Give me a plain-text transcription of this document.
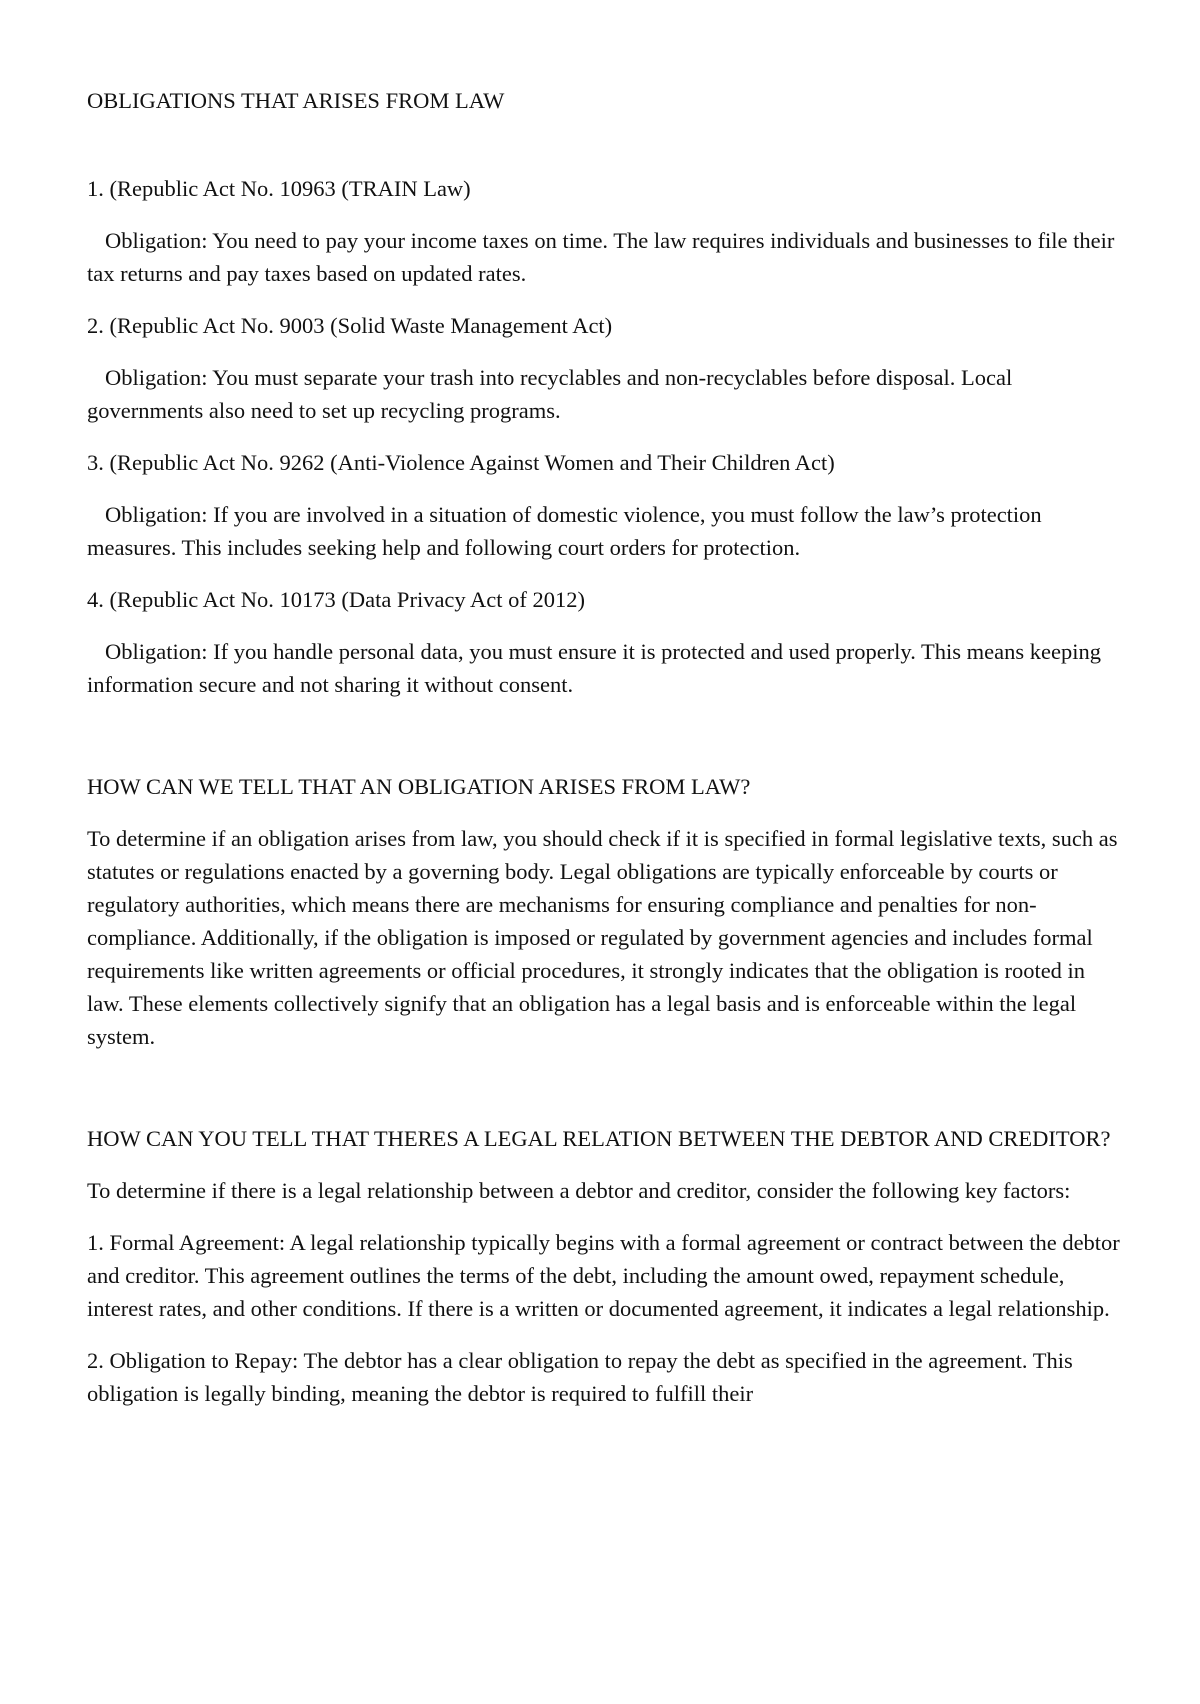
OBLIGATIONS THAT ARISES FROM LAW

1. (Republic Act No. 10963 (TRAIN Law)

Obligation: You need to pay your income taxes on time. The law requires individuals and businesses to file their tax returns and pay taxes based on updated rates.

2. (Republic Act No. 9003 (Solid Waste Management Act)

Obligation: You must separate your trash into recyclables and non-recyclables before disposal. Local governments also need to set up recycling programs.

3. (Republic Act No. 9262 (Anti-Violence Against Women and Their Children Act)

Obligation: If you are involved in a situation of domestic violence, you must follow the law’s protection measures. This includes seeking help and following court orders for protection.

4. (Republic Act No. 10173 (Data Privacy Act of 2012)

Obligation: If you handle personal data, you must ensure it is protected and used properly. This means keeping information secure and not sharing it without consent.

HOW CAN WE TELL THAT AN OBLIGATION ARISES FROM LAW?

To determine if an obligation arises from law, you should check if it is specified in formal legislative texts, such as statutes or regulations enacted by a governing body. Legal obligations are typically enforceable by courts or regulatory authorities, which means there are mechanisms for ensuring compliance and penalties for non-compliance. Additionally, if the obligation is imposed or regulated by government agencies and includes formal requirements like written agreements or official procedures, it strongly indicates that the obligation is rooted in law. These elements collectively signify that an obligation has a legal basis and is enforceable within the legal system.

HOW CAN YOU TELL THAT THERES A LEGAL RELATION BETWEEN THE DEBTOR AND CREDITOR?

To determine if there is a legal relationship between a debtor and creditor, consider the following key factors:

1. Formal Agreement: A legal relationship typically begins with a formal agreement or contract between the debtor and creditor. This agreement outlines the terms of the debt, including the amount owed, repayment schedule, interest rates, and other conditions. If there is a written or documented agreement, it indicates a legal relationship.

2. Obligation to Repay: The debtor has a clear obligation to repay the debt as specified in the agreement. This obligation is legally binding, meaning the debtor is required to fulfill their
